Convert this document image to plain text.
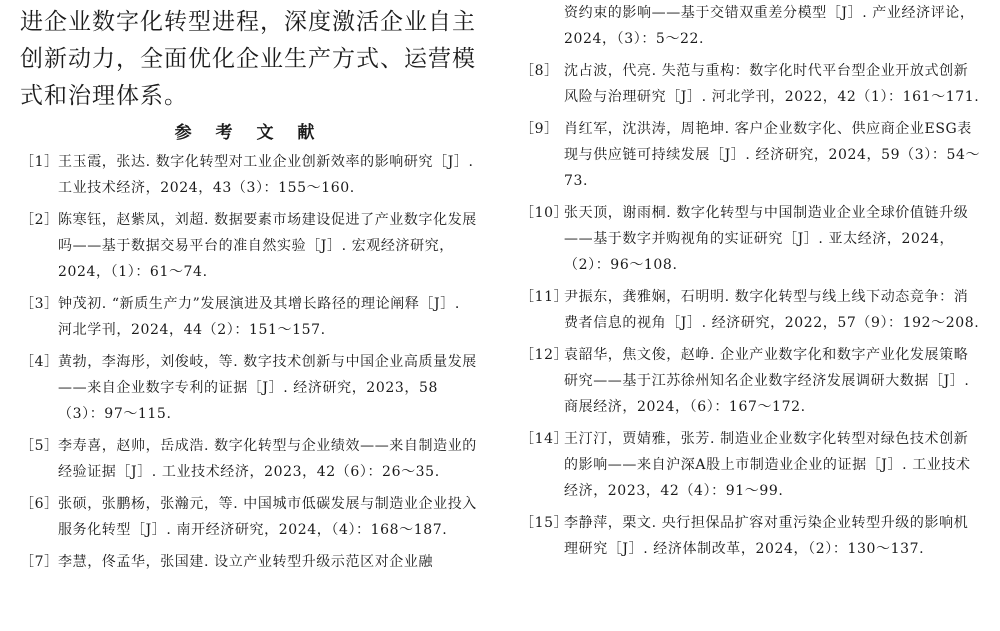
进企业数字化转型进程，深度激活企业自主创新动力，全面优化企业生产方式、运营模式和治理体系。

参 考 文 献
［1］ 王玉霞，张达. 数字化转型对工业企业创新效率的影响研究［J］. 工业技术经济，2024，43（3）：155～160.
［2］ 陈寒钰，赵紫凤，刘超. 数据要素市场建设促进了产业数字化发展吗——基于数据交易平台的准自然实验［J］. 宏观经济研究，2024，（1）：61～74.
［3］ 钟茂初. “新质生产力”发展演进及其增长路径的理论阐释［J］. 河北学刊，2024，44（2）：151～157.
［4］ 黄勃，李海彤，刘俊岐，等. 数字技术创新与中国企业高质量发展——来自企业数字专利的证据［J］. 经济研究，2023，58（3）：97～115.
［5］ 李寿喜，赵帅，岳成浩. 数字化转型与企业绩效——来自制造业的经验证据［J］. 工业技术经济，2023，42（6）：26～35.
［6］ 张硕，张鹏杨，张瀚元，等. 中国城市低碳发展与制造业企业投入服务化转型［J］. 南开经济研究，2024，（4）：168～187.
［7］ 李慧，佟孟华，张国建. 设立产业转型升级示范区对企业融
资约束的影响——基于交错双重差分模型［J］. 产业经济评论，2024，（3）：5～22.
［8］ 沈占波，代亮. 失范与重构：数字化时代平台型企业开放式创新风险与治理研究［J］. 河北学刊，2022，42（1）：161～171.
［9］ 肖红军，沈洪涛，周艳坤. 客户企业数字化、供应商企业ESG表现与供应链可持续发展［J］. 经济研究，2024，59（3）：54～73.
［10］
张天顶，谢雨桐. 数字化转型与中国制造业企业全球价值链升级——基于数字并购视角的实证研究［J］. 亚太经济，2024，（2）：96～108.
［11］
尹振东，龚雅娴，石明明. 数字化转型与线上线下动态竞争：消费者信息的视角［J］. 经济研究，2022，57（9）：192～208.
［12］
袁韶华，焦文俊，赵峥. 企业产业数字化和数字产业化发展策略研究——基于江苏徐州知名企业数字经济发展调研大数据［J］. 商展经济，2024，（6）：167～172.
［14］
王汀汀，贾婧雅，张芳. 制造业企业数字化转型对绿色技术创新的影响——来自沪深A股上市制造业企业的证据［J］. 工业技术经济，2023，42（4）：91～99.
［15］
李静萍，栗文. 央行担保品扩容对重污染企业转型升级的影响机理研究［J］. 经济体制改革，2024，（2）：130～137.
